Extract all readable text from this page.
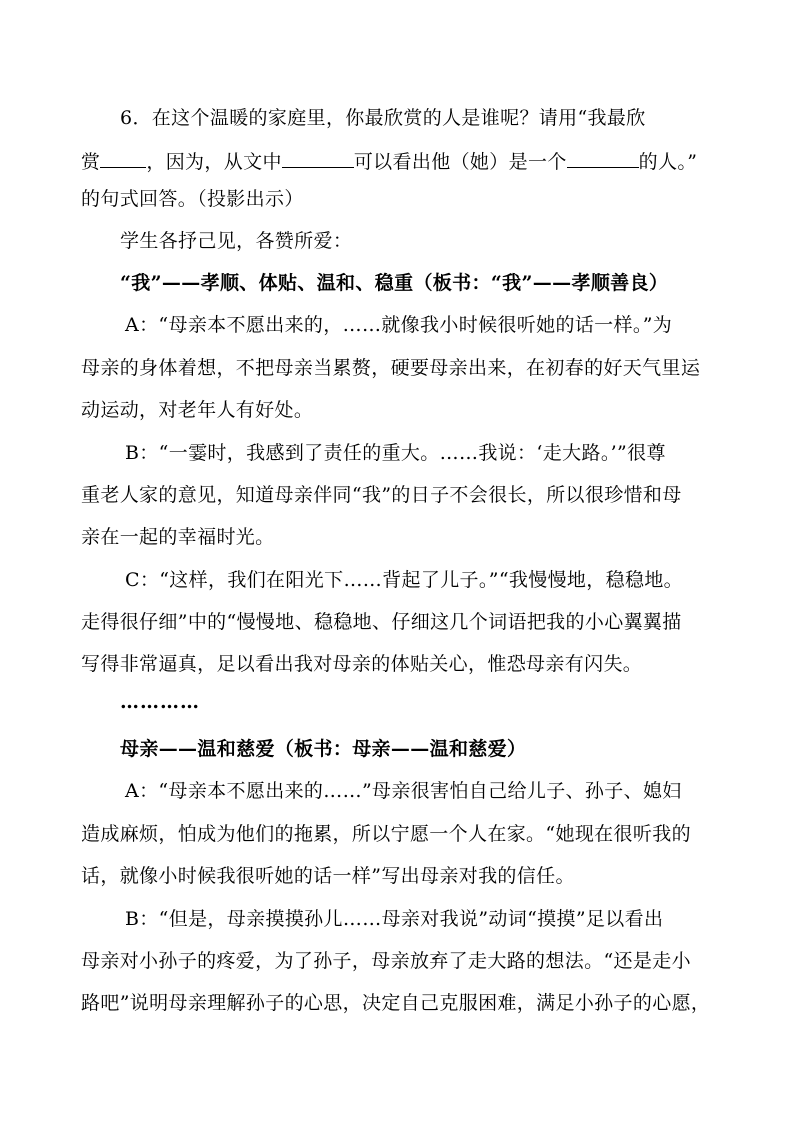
6．在这个温暖的家庭里，你最欣赏的人是谁呢？请用“我最欣
赏 ，因为，从文中	可以看出他（她）是一个	的人。”
的句式回答。（投影出示）
学生各抒己见，各赞所爱：
“我”——孝顺、体贴、温和、稳重（板书：“我”——孝顺善良）
A：“母亲本不愿出来的，……就像我小时候很听她的话一样。”为
母亲的身体着想，不把母亲当累赘，硬要母亲出来，在初春的好天气里运
动运动，对老年人有好处。
B：“一霎时，我感到了责任的重大。……我说：‘走大路。’”很尊
重老人家的意见，知道母亲伴同“我”的日子不会很长，所以很珍惜和母
亲在一起的幸福时光。
C：“这样，我们在阳光下……背起了儿子。”“我慢慢地，稳稳地。
走得很仔细”中的“慢慢地、稳稳地、仔细这几个词语把我的小心翼翼描
写得非常逼真，足以看出我对母亲的体贴关心，惟恐母亲有闪失。
…………
母亲——温和慈爱（板书：母亲——温和慈爱）
A：“母亲本不愿出来的……”母亲很害怕自己给儿子、孙子、媳妇
造成麻烦，怕成为他们的拖累，所以宁愿一个人在家。“她现在很听我的
话，就像小时候我很听她的话一样”写出母亲对我的信任。
B：“但是，母亲摸摸孙儿……母亲对我说”动词“摸摸”足以看出
母亲对小孙子的疼爱，为了孙子，母亲放弃了走大路的想法。“还是走小
路吧”说明母亲理解孙子的心思，决定自己克服困难，满足小孙子的心愿，
